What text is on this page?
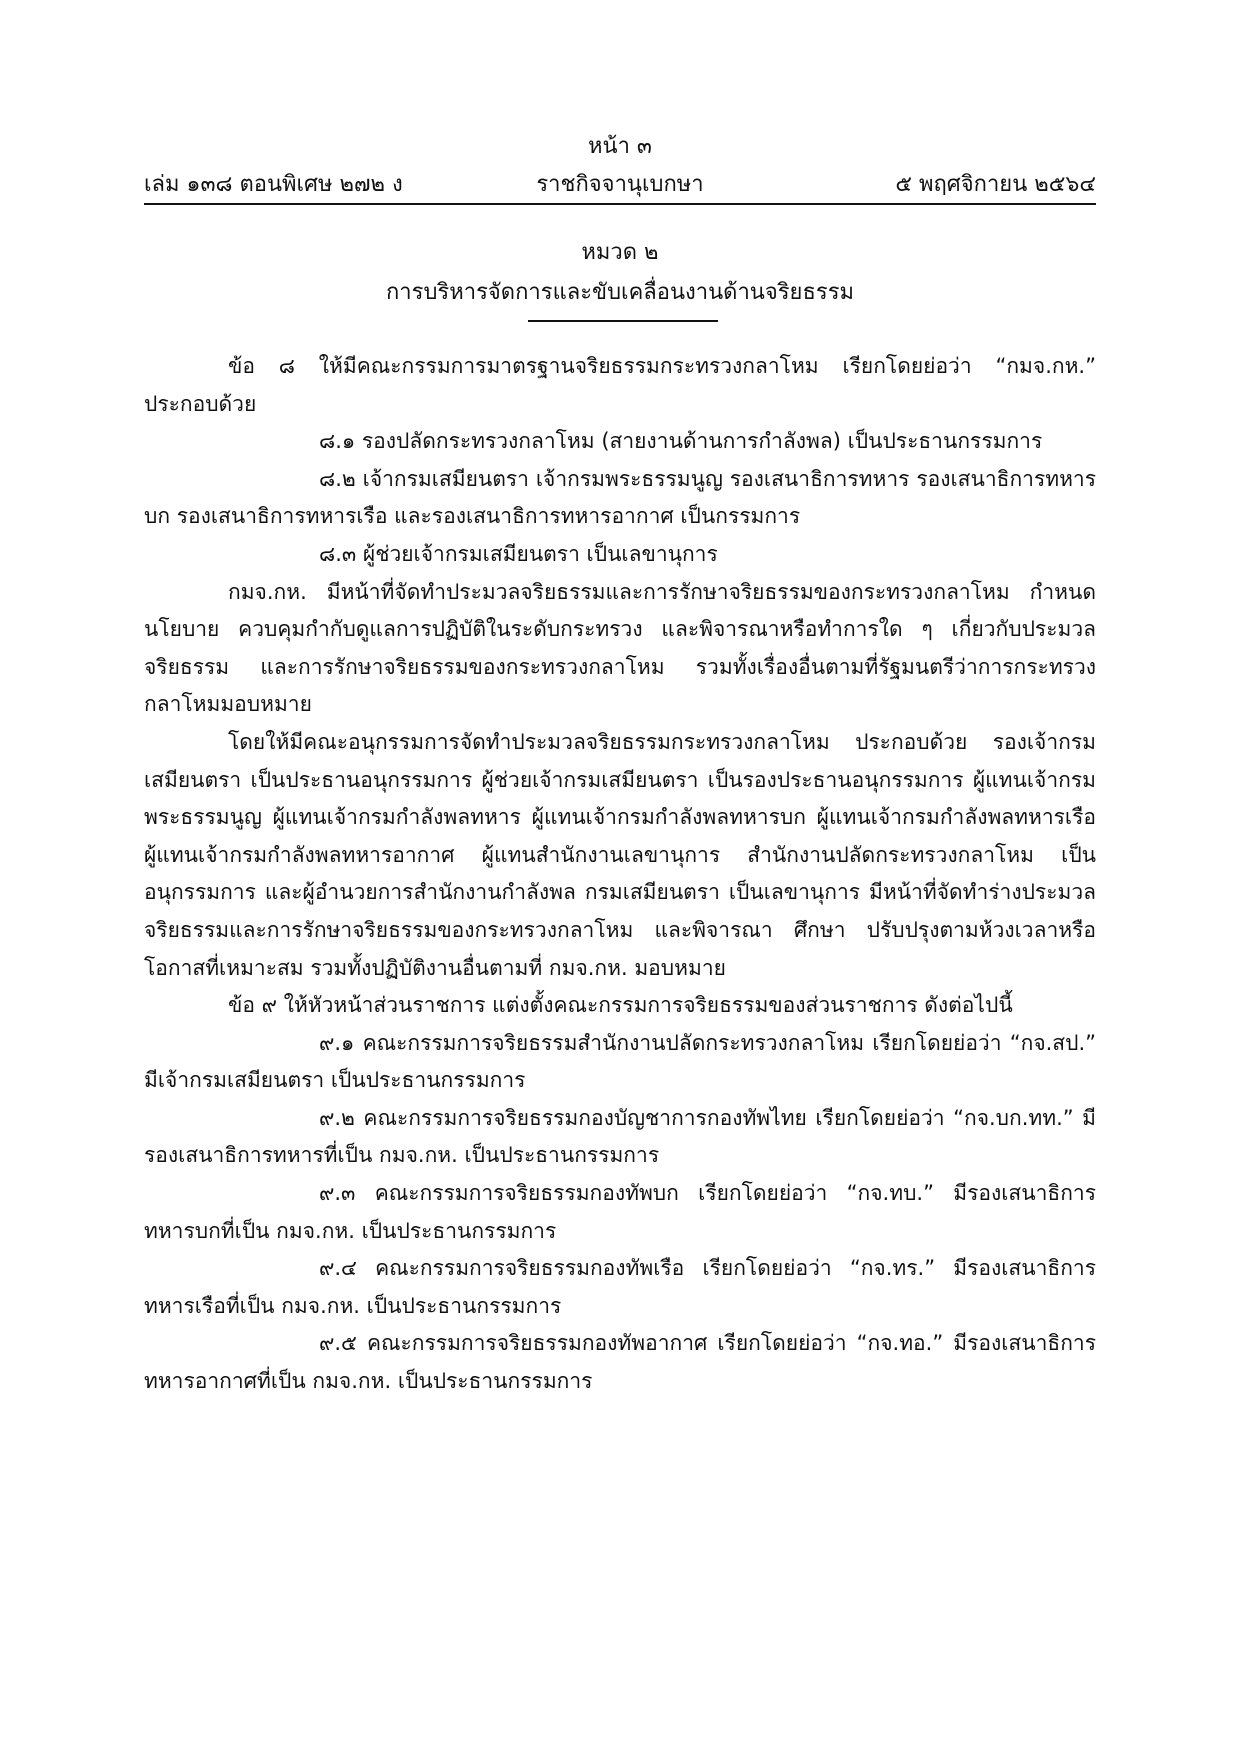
หน้า ๓
เล่ม ๑๓๘ ตอนพิเศษ ๒๗๒ ง	ราชกิจจานุเบกษา	๕ พฤศจิกายน ๒๕๖๔
หมวด ๒
การบริหารจัดการและขับเคลื่อนงานด้านจริยธรรม

ข้อ ๘ ให้มีคณะกรรมการมาตรฐานจริยธรรมกระทรวงกลาโหม เรียกโดยย่อว่า “กมจ.กห.” ประกอบด้วย

๘.๑ รองปลัดกระทรวงกลาโหม (สายงานด้านการกำลังพล) เป็นประธานกรรมการ

๘.๒ เจ้ากรมเสมียนตรา เจ้ากรมพระธรรมนูญ รองเสนาธิการทหาร รองเสนาธิการทหารบก รองเสนาธิการทหารเรือ และรองเสนาธิการทหารอากาศ เป็นกรรมการ

๘.๓ ผู้ช่วยเจ้ากรมเสมียนตรา เป็นเลขานุการ

กมจ.กห. มีหน้าที่จัดทำประมวลจริยธรรมและการรักษาจริยธรรมของกระทรวงกลาโหม กำหนดนโยบาย ควบคุมกำกับดูแลการปฏิบัติในระดับกระทรวง และพิจารณาหรือทำการใด ๆ เกี่ยวกับประมวลจริยธรรม และการรักษาจริยธรรมของกระทรวงกลาโหม รวมทั้งเรื่องอื่นตามที่รัฐมนตรีว่าการกระทรวงกลาโหมมอบหมาย

โดยให้มีคณะอนุกรรมการจัดทำประมวลจริยธรรมกระทรวงกลาโหม ประกอบด้วย รองเจ้ากรมเสมียนตรา เป็นประธานอนุกรรมการ ผู้ช่วยเจ้ากรมเสมียนตรา เป็นรองประธานอนุกรรมการ ผู้แทนเจ้ากรมพระธรรมนูญ ผู้แทนเจ้ากรมกำลังพลทหาร ผู้แทนเจ้ากรมกำลังพลทหารบก ผู้แทนเจ้ากรมกำลังพลทหารเรือ ผู้แทนเจ้ากรมกำลังพลทหารอากาศ ผู้แทนสำนักงานเลขานุการ สำนักงานปลัดกระทรวงกลาโหม เป็นอนุกรรมการ และผู้อำนวยการสำนักงานกำลังพล กรมเสมียนตรา เป็นเลขานุการ มีหน้าที่จัดทำร่างประมวลจริยธรรมและการรักษาจริยธรรมของกระทรวงกลาโหม และพิจารณา ศึกษา ปรับปรุงตามห้วงเวลาหรือโอกาสที่เหมาะสม รวมทั้งปฏิบัติงานอื่นตามที่ กมจ.กห. มอบหมาย

ข้อ ๙ ให้หัวหน้าส่วนราชการ แต่งตั้งคณะกรรมการจริยธรรมของส่วนราชการ ดังต่อไปนี้

๙.๑ คณะกรรมการจริยธรรมสำนักงานปลัดกระทรวงกลาโหม เรียกโดยย่อว่า “กจ.สป.” มีเจ้ากรมเสมียนตรา เป็นประธานกรรมการ

๙.๒ คณะกรรมการจริยธรรมกองบัญชาการกองทัพไทย เรียกโดยย่อว่า “กจ.บก.ทท.” มีรองเสนาธิการทหารที่เป็น กมจ.กห. เป็นประธานกรรมการ

๙.๓ คณะกรรมการจริยธรรมกองทัพบก เรียกโดยย่อว่า “กจ.ทบ.” มีรองเสนาธิการทหารบกที่เป็น กมจ.กห. เป็นประธานกรรมการ

๙.๔ คณะกรรมการจริยธรรมกองทัพเรือ เรียกโดยย่อว่า “กจ.ทร.” มีรองเสนาธิการทหารเรือที่เป็น กมจ.กห. เป็นประธานกรรมการ

๙.๕ คณะกรรมการจริยธรรมกองทัพอากาศ เรียกโดยย่อว่า “กจ.ทอ.” มีรองเสนาธิการทหารอากาศที่เป็น กมจ.กห. เป็นประธานกรรมการ
